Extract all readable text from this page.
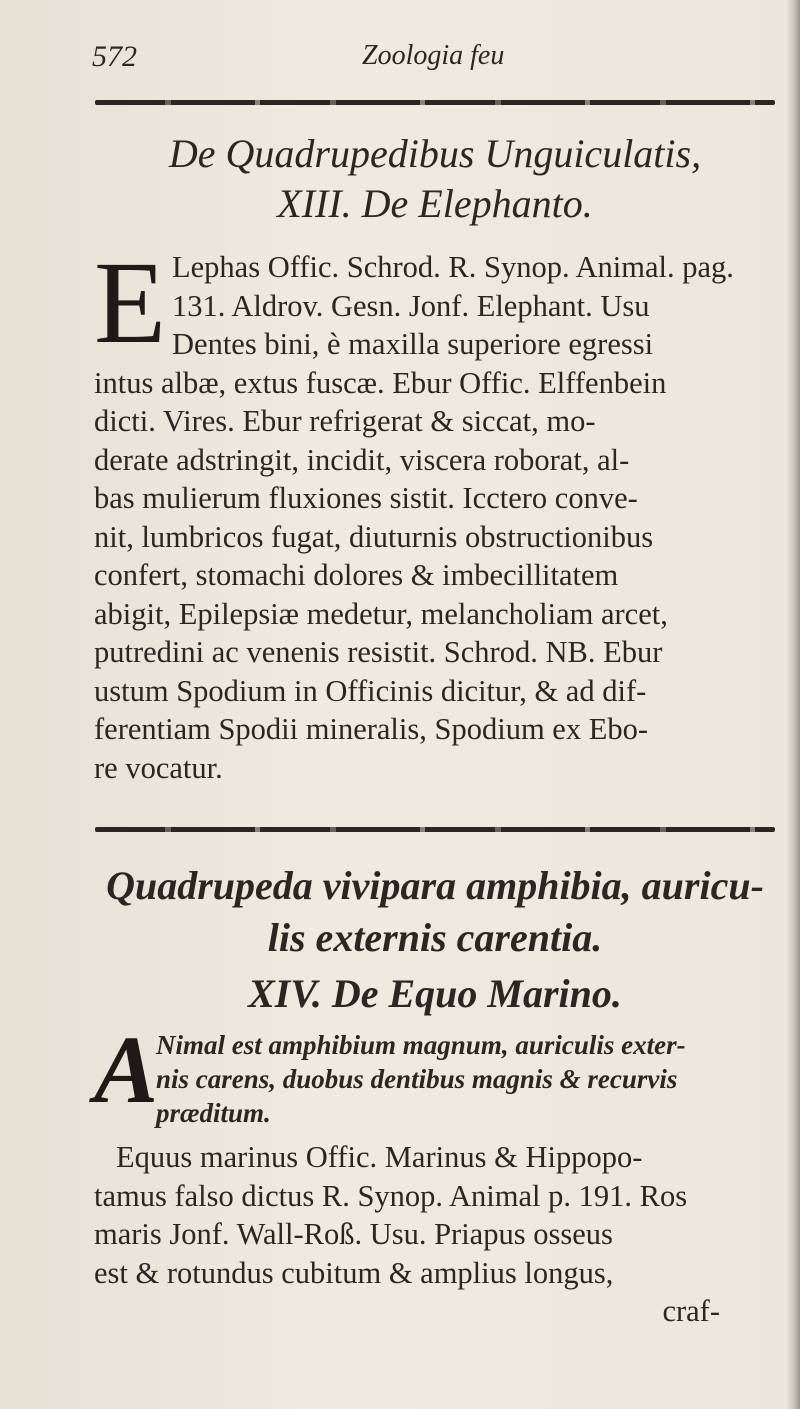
572	Zoologia feu
De Quadrupedibus Unguiculatis,
XIII. De Elephanto.
E Lephas Offic. Schrod. R. Synop. Animal. pag.
131. Aldrov. Gesn. Jonf. Elephant. Usu
Dentes bini, è maxilla superiore egressi
intus albæ, extus fuscæ. Ebur Offic. Elffenbein
dicti. Vires. Ebur refrigerat & siccat, mo-
derate adstringit, incidit, viscera roborat, al-
bas mulierum fluxiones sistit. Icctero conve-
nit, lumbricos fugat, diuturnis obstructionibus
confert, stomachi dolores & imbecillitatem
abigit, Epilepsiæ medetur, melancholiam arcet,
putredini ac venenis resistit. Schrod. NB. Ebur
ustum Spodium in Officinis dicitur, & ad dif-
ferentiam Spodii mineralis, Spodium ex Ebo-
re vocatur.

Quadrupeda vivipara amphibia, auricu-
lis externis carentia.
XIV. De Equo Marino.
A

Nimal est amphibium magnum, auriculis exter-
nis carens, duobus dentibus magnis & recurvis
præditum.

Equus marinus Offic. Marinus & Hippopo-
tamus falso dictus R. Synop. Animal p. 191. Ros
maris Jonf. Wall-Roß. Usu. Priapus osseus
est & rotundus cubitum & amplius longus,
craf-
